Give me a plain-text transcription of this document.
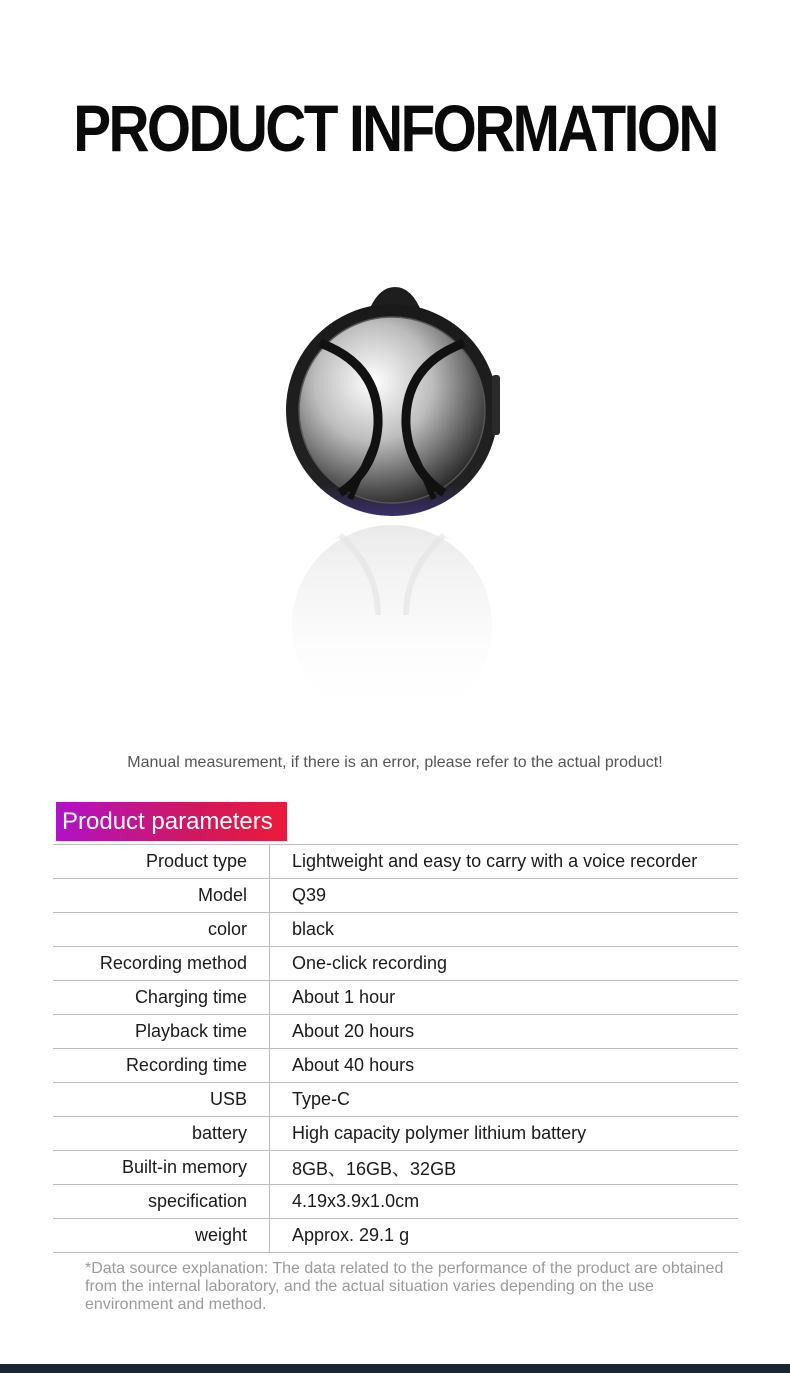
PRODUCT INFORMATION
Manual measurement, if there is an error, please refer to the actual product!
Product parameters
Product type	Lightweight and easy to carry with a voice recorder
Model	Q39
color	black
Recording method	One-click recording
Charging time	About 1 hour
Playback time	About 20 hours
Recording time	About 40 hours
USB	Type-C
battery	High capacity polymer lithium battery
Built-in memory	8GB、16GB、32GB
specification	4.19x3.9x1.0cm
weight	Approx. 29.1 g
*Data source explanation: The data related to the performance of the product are obtained from the internal laboratory, and the actual situation varies depending on the use environment and method.
